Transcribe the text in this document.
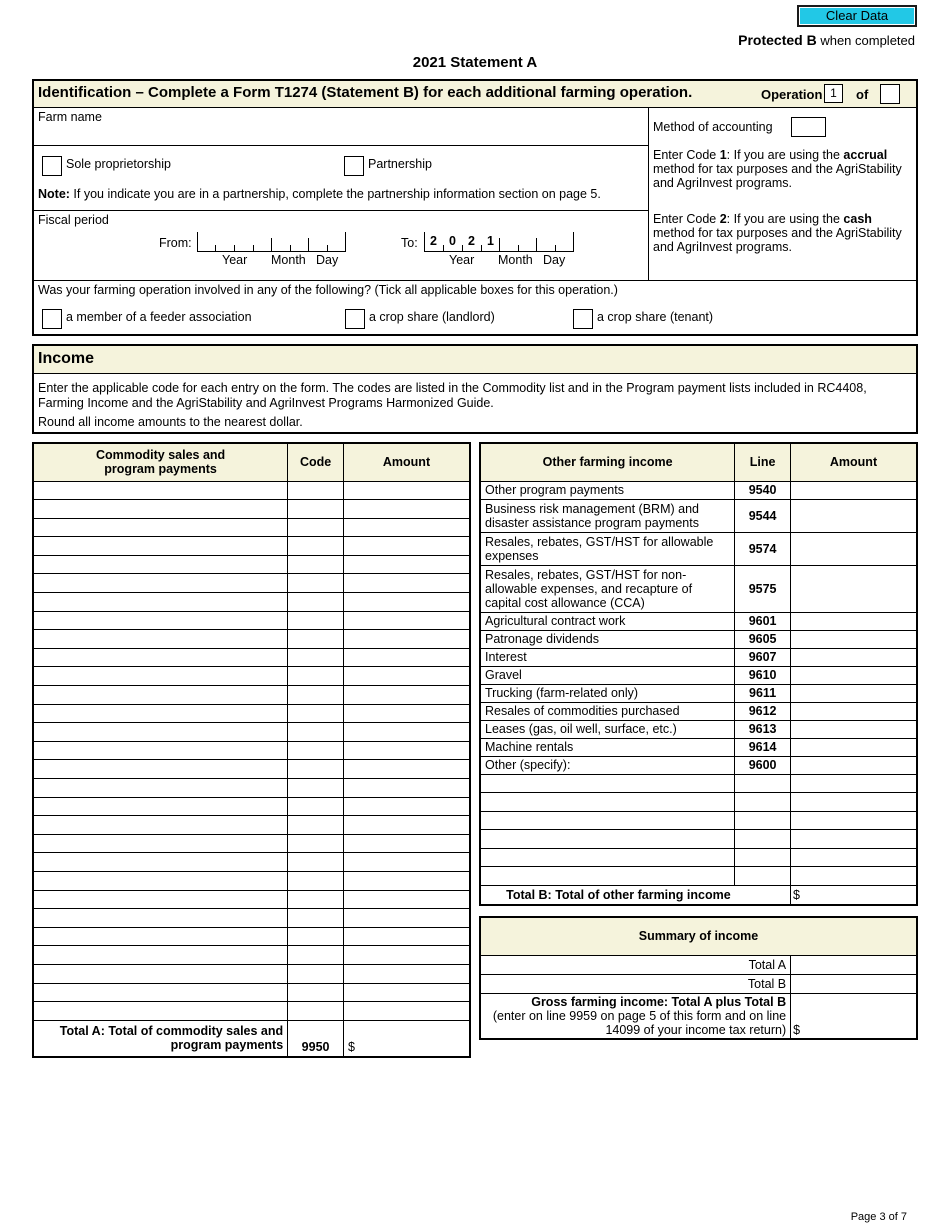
Clear Data
Protected B when completed
2021 Statement A
Identification – Complete a Form T1274 (Statement B) for each additional farming operation.	Operation 1	of
Farm name
Sole proprietorship	Partnership
Note: If you indicate you are in a partnership, complete the partnership information section on page 5.
Fiscal period
From:
Year Month Day
To: 2 0 2 1
Year Month Day
Method of accounting
Enter Code 1: If you are using the accrual method for tax purposes and the AgriStability and AgriInvest programs.
Enter Code 2: If you are using the cash method for tax purposes and the AgriStability and AgriInvest programs.
Was your farming operation involved in any of the following? (Tick all applicable boxes for this operation.)
a member of a feeder association	a crop share (landlord)	a crop share (tenant)
Income
Enter the applicable code for each entry on the form. The codes are listed in the Commodity list and in the Program payment lists included in RC4408, Farming Income and the AgriStability and AgriInvest Programs Harmonized Guide.
Round all income amounts to the nearest dollar.
Commodity sales and
program payments	Code	Amount

Total A: Total of commodity sales and
program payments	9950	$
Other farming income	Line	Amount
Other program payments	9540	
Business risk management (BRM) and disaster assistance program payments	9544	
Resales, rebates, GST/HST for allowable expenses	9574	
Resales, rebates, GST/HST for non-allowable expenses, and recapture of capital cost allowance (CCA)	9575	
Agricultural contract work	9601	
Patronage dividends	9605	
Interest	9607	
Gravel	9610	
Trucking (farm-related only)	9611	
Resales of commodities purchased	9612	
Leases (gas, oil well, surface, etc.)	9613	
Machine rentals	9614	
Other (specify):	9600	

Total B: Total of other farming income		$
Summary of income	
Total A	
Total B	
Gross farming income: Total A plus Total B
(enter on line 9959 on page 5 of this form and on line 14099 of your income tax return)	$
Page 3 of 7
